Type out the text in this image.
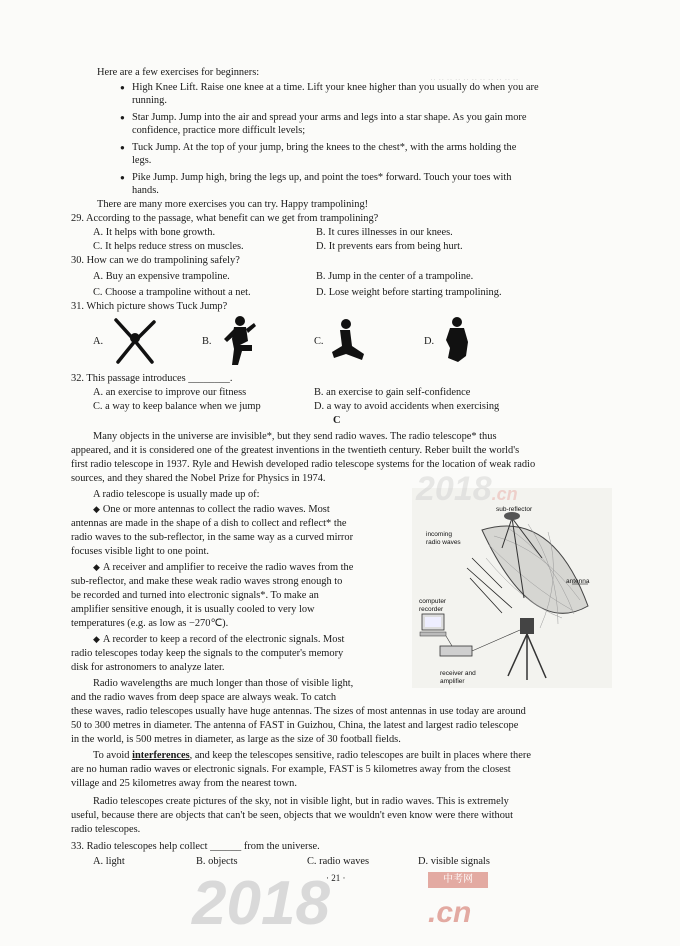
‥ ‥ ‥ ‥ ‥ ‥ ‥ ‥ ‥ ‥ ‥
Here are a few exercises for beginners:
● High Knee Lift. Raise one knee at a time. Lift your knee higher than you usually do when you are
running.
● Star Jump. Jump into the air and spread your arms and legs into a star shape. As you gain more
confidence, practice more difficult levels;
● Tuck Jump. At the top of your jump, bring the knees to the chest*, with the arms holding the
legs.
● Pike Jump. Jump high, bring the legs up, and point the toes* forward. Touch your toes with
hands.
There are many more exercises you can try. Happy trampolining!
29. According to the passage, what benefit can we get from trampolining?
A. It helps with bone growth.	B. It cures illnesses in our knees.
C. It helps reduce stress on muscles.	D. It prevents ears from being hurt.
30. How can we do trampolining safely?
A. Buy an expensive trampoline.	B. Jump in the center of a trampoline.
C. Choose a trampoline without a net.	D. Lose weight before starting trampolining.
31. Which picture shows Tuck Jump?
A.	B.	C.	D.
32. This passage introduces ________.
A. an exercise to improve our fitness	B. an exercise to gain self-confidence
C. a way to keep balance when we jump	D. a way to avoid accidents when exercising
C
Many objects in the universe are invisible*, but they send radio waves. The radio telescope* thus
appeared, and it is considered one of the greatest inventions in the twentieth century. Reber built the world's
first radio telescope in 1937. Ryle and Hewish developed radio telescope systems for the location of weak radio
sources, and they shared the Nobel Prize for Physics in 1974.
A radio telescope is usually made up of:
◆ One or more antennas to collect the radio waves. Most
antennas are made in the shape of a dish to collect and reflect* the
radio waves to the sub-reflector, in the same way as a curved mirror
focuses visible light to one point.
◆ A receiver and amplifier to receive the radio waves from the
sub-reflector, and make these weak radio waves strong enough to
be recorded and turned into electronic signals*. To make an
amplifier sensitive enough, it is usually cooled to very low
temperatures (e.g. as low as −270℃).
◆ A recorder to keep a record of the electronic signals. Most
radio telescopes today keep the signals to the computer's memory
disk for astronomers to analyze later.
Radio wavelengths are much longer than those of visible light,
and the radio waves from deep space are always weak. To catch
these waves, radio telescopes usually have huge antennas. The sizes of most antennas in use today are around
50 to 300 metres in diameter. The antenna of FAST in Guizhou, China, the latest and largest radio telescope
in the world, is 500 metres in diameter, as large as the size of 30 football fields.
To avoid interferences, and keep the telescopes sensitive, radio telescopes are built in places where there
are no human radio waves or electronic signals. For example, FAST is 5 kilometres away from the closest
village and 25 kilometres away from the nearest town.
Radio telescopes create pictures of the sky, not in visible light, but in radio waves. This is extremely
useful, because there are objects that can't be seen, objects that we wouldn't even know were there without
radio telescopes.
33. Radio telescopes help collect ______ from the universe.
A. light	B. objects	C. radio waves	D. visible signals
· 21 ·
sub-reflector
incoming
radio waves
antenna
computer
recorder
receiver and
amplifier
2018.cn
2018	.cn
中考网
